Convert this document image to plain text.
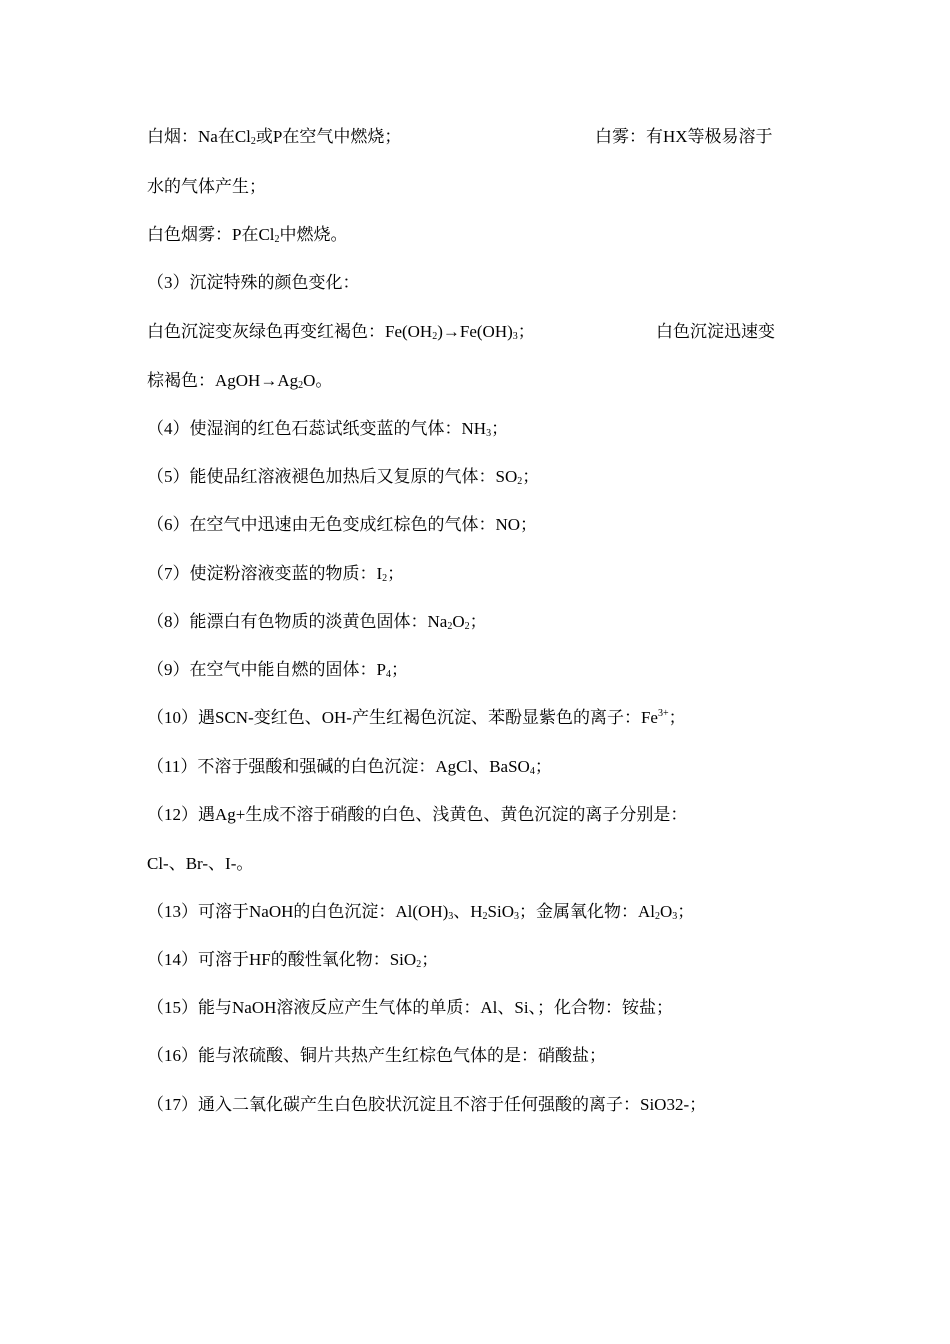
白烟：Na在$Cl_2$或P在空气中燃烧；	白雾：有HX等极易溶于
水的气体产生；
白色烟雾：P在$Cl_2$中燃烧。
（3）沉淀特殊的颜色变化：
白色沉淀变灰绿色再变红褐色：$Fe(OH_2)\to Fe(OH)_3$；	白色沉淀迅速变
棕褐色：$AgOH\to Ag_2O$。
（4）使湿润的红色石蕊试纸变蓝的气体：$NH_3$；
（5）能使品红溶液褪色加热后又复原的气体：$SO_2$；
（6）在空气中迅速由无色变成红棕色的气体：NO；
（7）使淀粉溶液变蓝的物质：$I_2$；
（8）能漂白有色物质的淡黄色固体：$Na_2O_2$；
（9）在空气中能自燃的固体：$P_4$；
（10）遇SCN-变红色、OH-产生红褐色沉淀、苯酚显紫色的离子：$Fe^{3+}$；
（11）不溶于强酸和强碱的白色沉淀：AgCl、BaSO$_4$；
（12）遇Ag+生成不溶于硝酸的白色、浅黄色、黄色沉淀的离子分别是：
Cl-、Br-、I-。
（13）可溶于NaOH的白色沉淀：$Al(OH)_3$、$H_2SiO_3$；金属氧化物：$Al_2O_3$；
（14）可溶于HF的酸性氧化物：SiO$_2$；
（15）能与NaOH溶液反应产生气体的单质：Al、Si、；化合物：铵盐；
（16）能与浓硫酸、铜片共热产生红棕色气体的是：硝酸盐；
（17）通入二氧化碳产生白色胶状沉淀且不溶于任何强酸的离子：SiO32-；
